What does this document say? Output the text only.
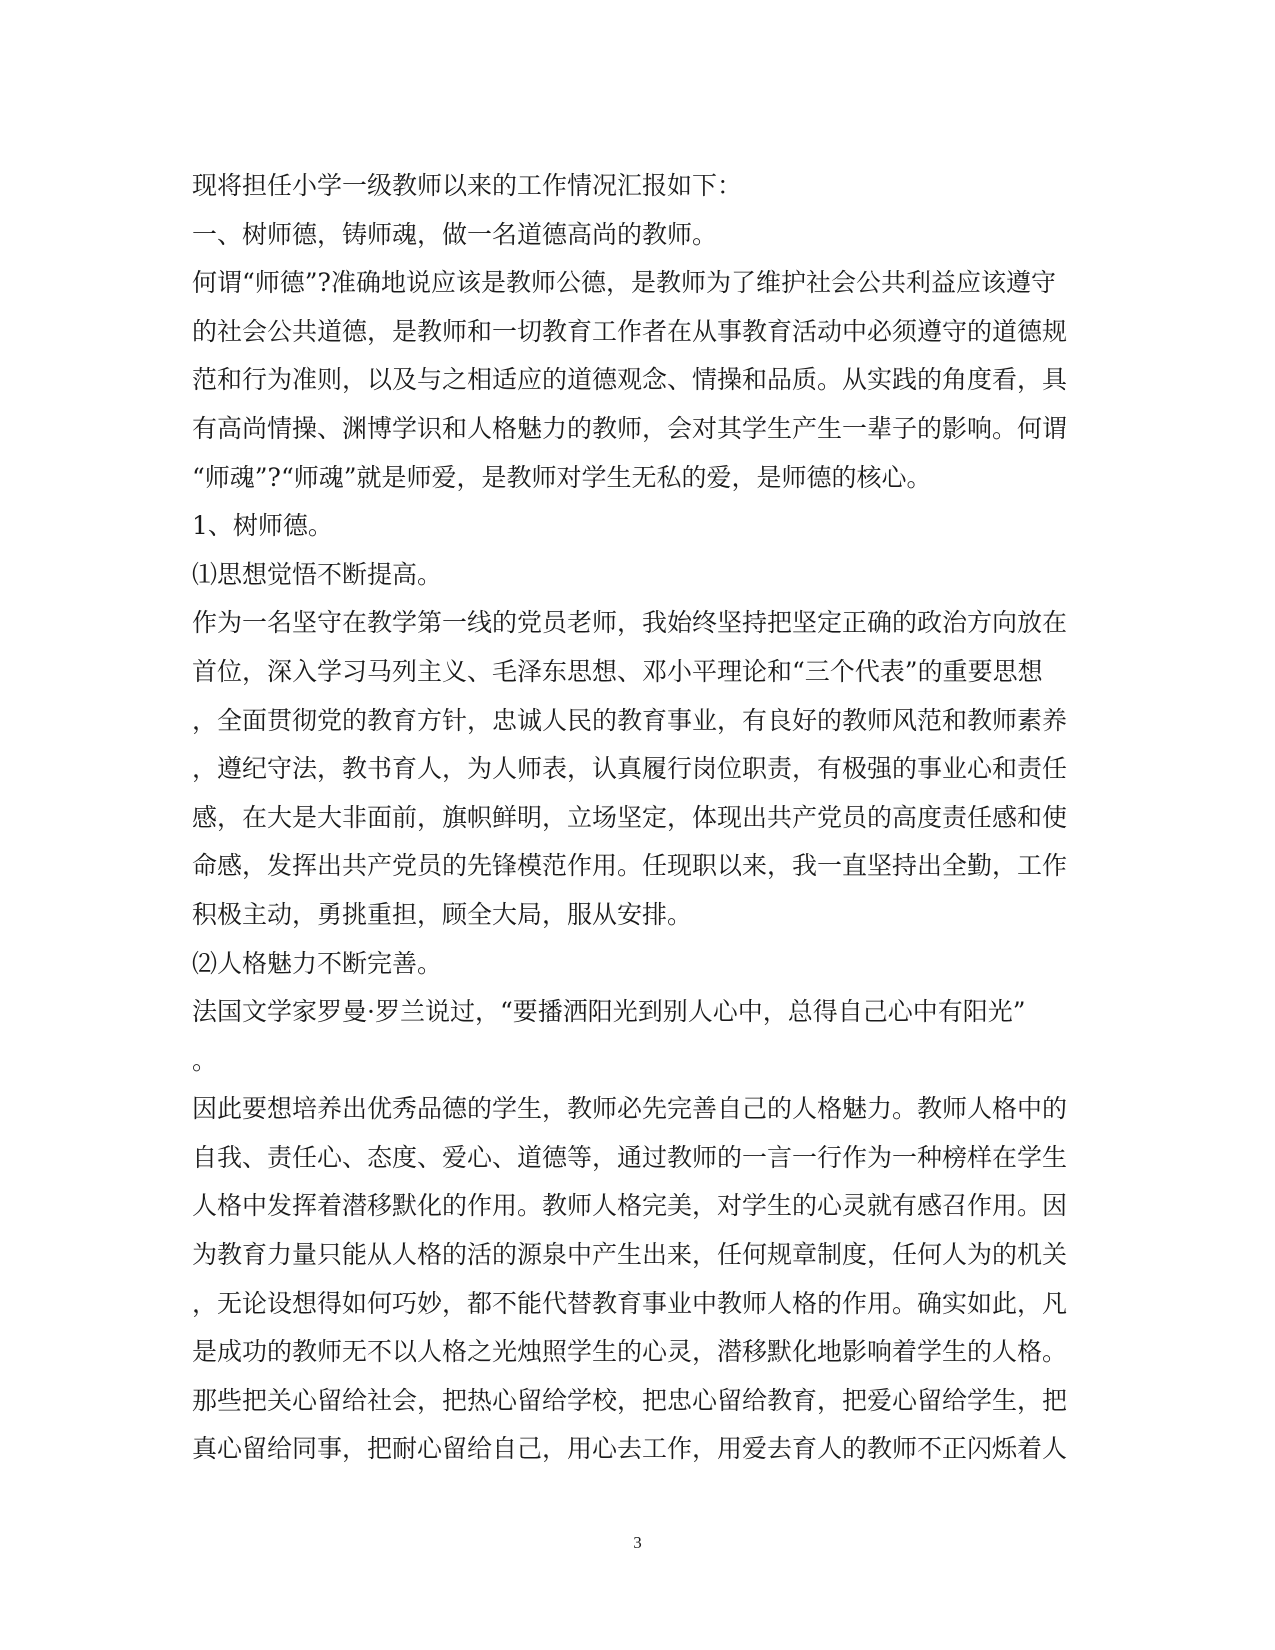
现将担任小学一级教师以来的工作情况汇报如下：
一、树师德，铸师魂，做一名道德高尚的教师。
何谓“师德”?准确地说应该是教师公德，是教师为了维护社会公共利益应该遵守
的社会公共道德，是教师和一切教育工作者在从事教育活动中必须遵守的道德规
范和行为准则，以及与之相适应的道德观念、情操和品质。从实践的角度看，具
有高尚情操、渊博学识和人格魅力的教师，会对其学生产生一辈子的影响。何谓
“师魂”?“师魂”就是师爱，是教师对学生无私的爱，是师德的核心。
1、树师德。
⑴思想觉悟不断提高。
作为一名坚守在教学第一线的党员老师，我始终坚持把坚定正确的政治方向放在
首位，深入学习马列主义、毛泽东思想、邓小平理论和“三个代表”的重要思想
，全面贯彻党的教育方针，忠诚人民的教育事业，有良好的教师风范和教师素养
，遵纪守法，教书育人，为人师表，认真履行岗位职责，有极强的事业心和责任
感，在大是大非面前，旗帜鲜明，立场坚定，体现出共产党员的高度责任感和使
命感，发挥出共产党员的先锋模范作用。任现职以来，我一直坚持出全勤，工作
积极主动，勇挑重担，顾全大局，服从安排。
⑵人格魅力不断完善。
法国文学家罗曼·罗兰说过，“要播洒阳光到别人心中，总得自己心中有阳光”
。
因此要想培养出优秀品德的学生，教师必先完善自己的人格魅力。教师人格中的
自我、责任心、态度、爱心、道德等，通过教师的一言一行作为一种榜样在学生
人格中发挥着潜移默化的作用。教师人格完美，对学生的心灵就有感召作用。因
为教育力量只能从人格的活的源泉中产生出来，任何规章制度，任何人为的机关
，无论设想得如何巧妙，都不能代替教育事业中教师人格的作用。确实如此，凡
是成功的教师无不以人格之光烛照学生的心灵，潜移默化地影响着学生的人格。
那些把关心留给社会，把热心留给学校，把忠心留给教育，把爱心留给学生，把
真心留给同事，把耐心留给自己，用心去工作，用爱去育人的教师不正闪烁着人
3
